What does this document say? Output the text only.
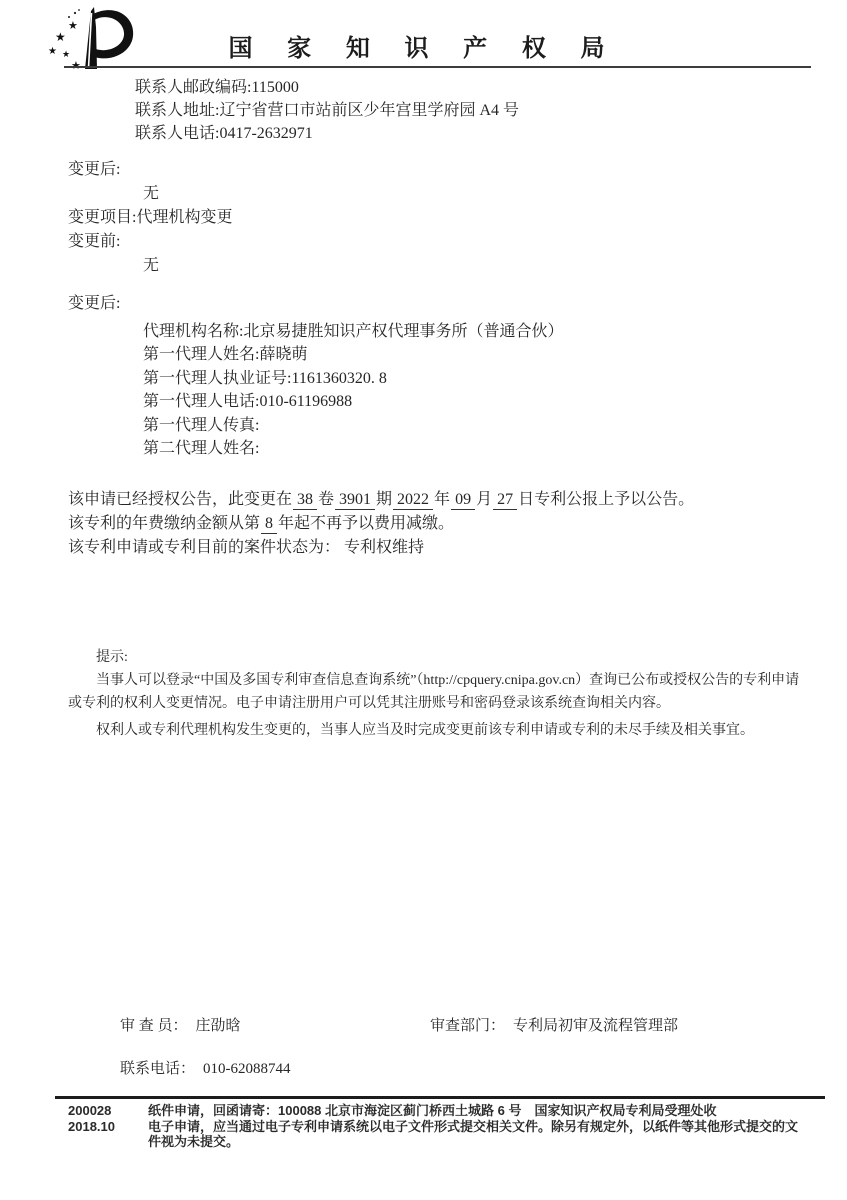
★
★
★ ★	国 家 知 识 产 权 局
联系人邮政编码:115000
联系人地址:辽宁省营口市站前区少年宫里学府园 A4 号
联系人电话:0417-2632971
变更后:
无
变更项目:代理机构变更
变更前:
无
变更后:
代理机构名称:北京易捷胜知识产权代理事务所（普通合伙）
第一代理人姓名:薛晓萌
第一代理人执业证号:1161360320. 8
第一代理人电话:010-61196988
第一代理人传真:
第二代理人姓名:
该申请已经授权公告，此变更在 38 卷 3901 期 2022 年 09 月 27 日专利公报上予以公告。
该专利的年费缴纳金额从第 8 年起不再予以费用减缴。
该专利申请或专利目前的案件状态为： 专利权维持
提示:

当事人可以登录“中国及多国专利审查信息查询系统”（http://cpquery.cnipa.gov.cn）查询已公布或授权公告的专利申请或专利的权利人变更情况。电子申请注册用户可以凭其注册账号和密码登录该系统查询相关内容。

权利人或专利代理机构发生变更的，当事人应当及时完成变更前该专利申请或专利的未尽手续及相关事宜。

审 查 员： 庄劭晗	审查部门： 专利局初审及流程管理部
联系电话： 010-62088744
200028
2018.10
纸件申请，回函请寄：100088 北京市海淀区蓟门桥西土城路 6 号　国家知识产权局专利局受理处收
电子申请，应当通过电子专利申请系统以电子文件形式提交相关文件。除另有规定外，以纸件等其他形式提交的文件视为未提交。
